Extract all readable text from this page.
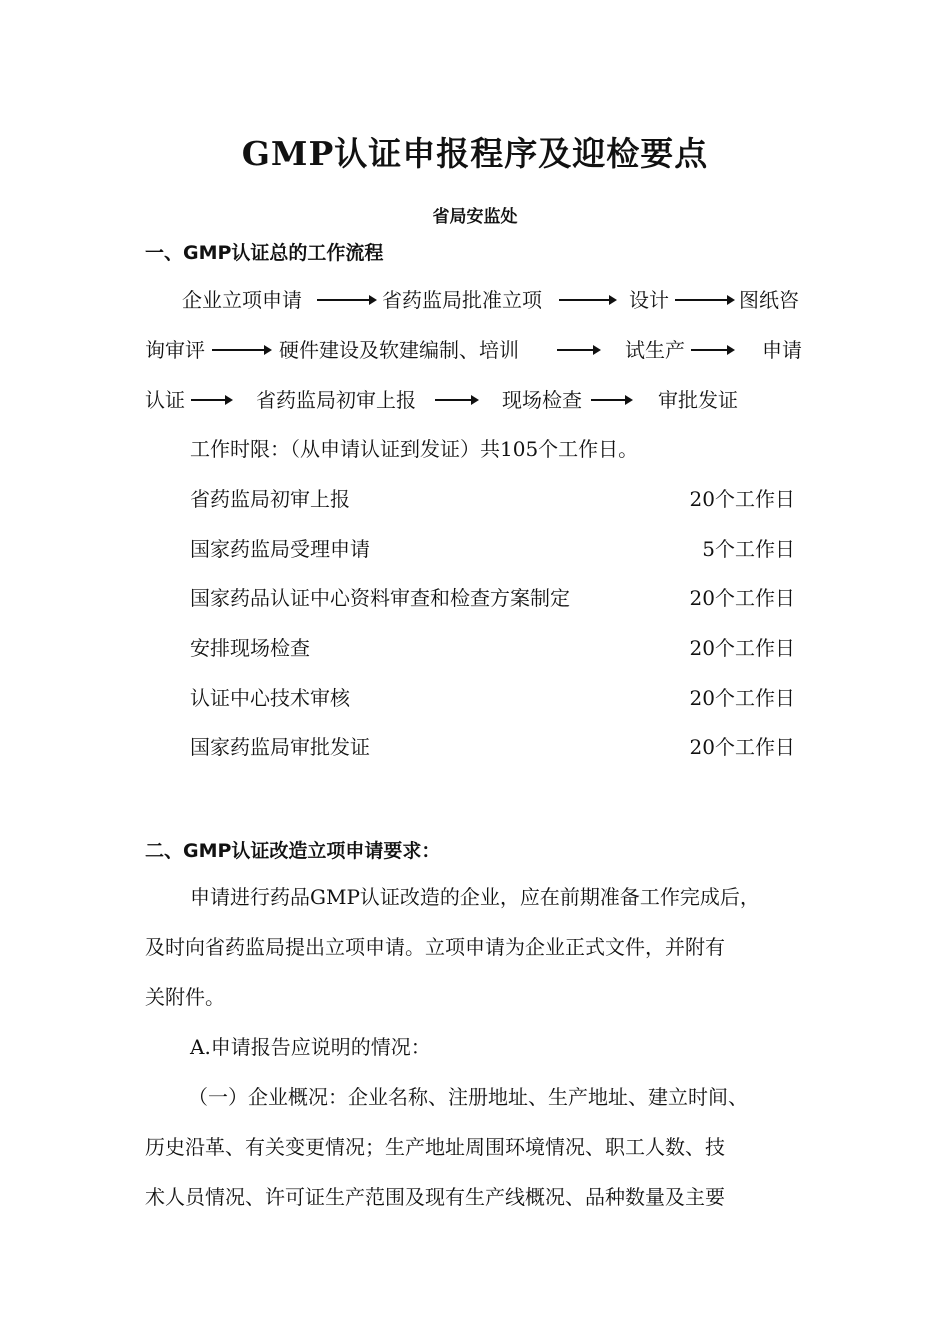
GMP认证申报程序及迎检要点
省局安监处
一、GMP认证总的工作流程
企业立项申请	省药监局批准立项	设计	图纸咨
询审评	硬件建设及软建编制、培训	试生产	申请
认证	省药监局初审上报	现场检查	审批发证
工作时限：（从申请认证到发证）共105个工作日。
省药监局初审上报	20个工作日
国家药监局受理申请	5个工作日
国家药品认证中心资料审查和检查方案制定	20个工作日
安排现场检查	20个工作日
认证中心技术审核	20个工作日
国家药监局审批发证	20个工作日
二、GMP认证改造立项申请要求：
申请进行药品GMP认证改造的企业，应在前期准备工作完成后，
及时向省药监局提出立项申请。立项申请为企业正式文件，并附有
关附件。
A.申请报告应说明的情况：
（一）企业概况：企业名称、注册地址、生产地址、建立时间、
历史沿革、有关变更情况；生产地址周围环境情况、职工人数、技
术人员情况、许可证生产范围及现有生产线概况、品种数量及主要
